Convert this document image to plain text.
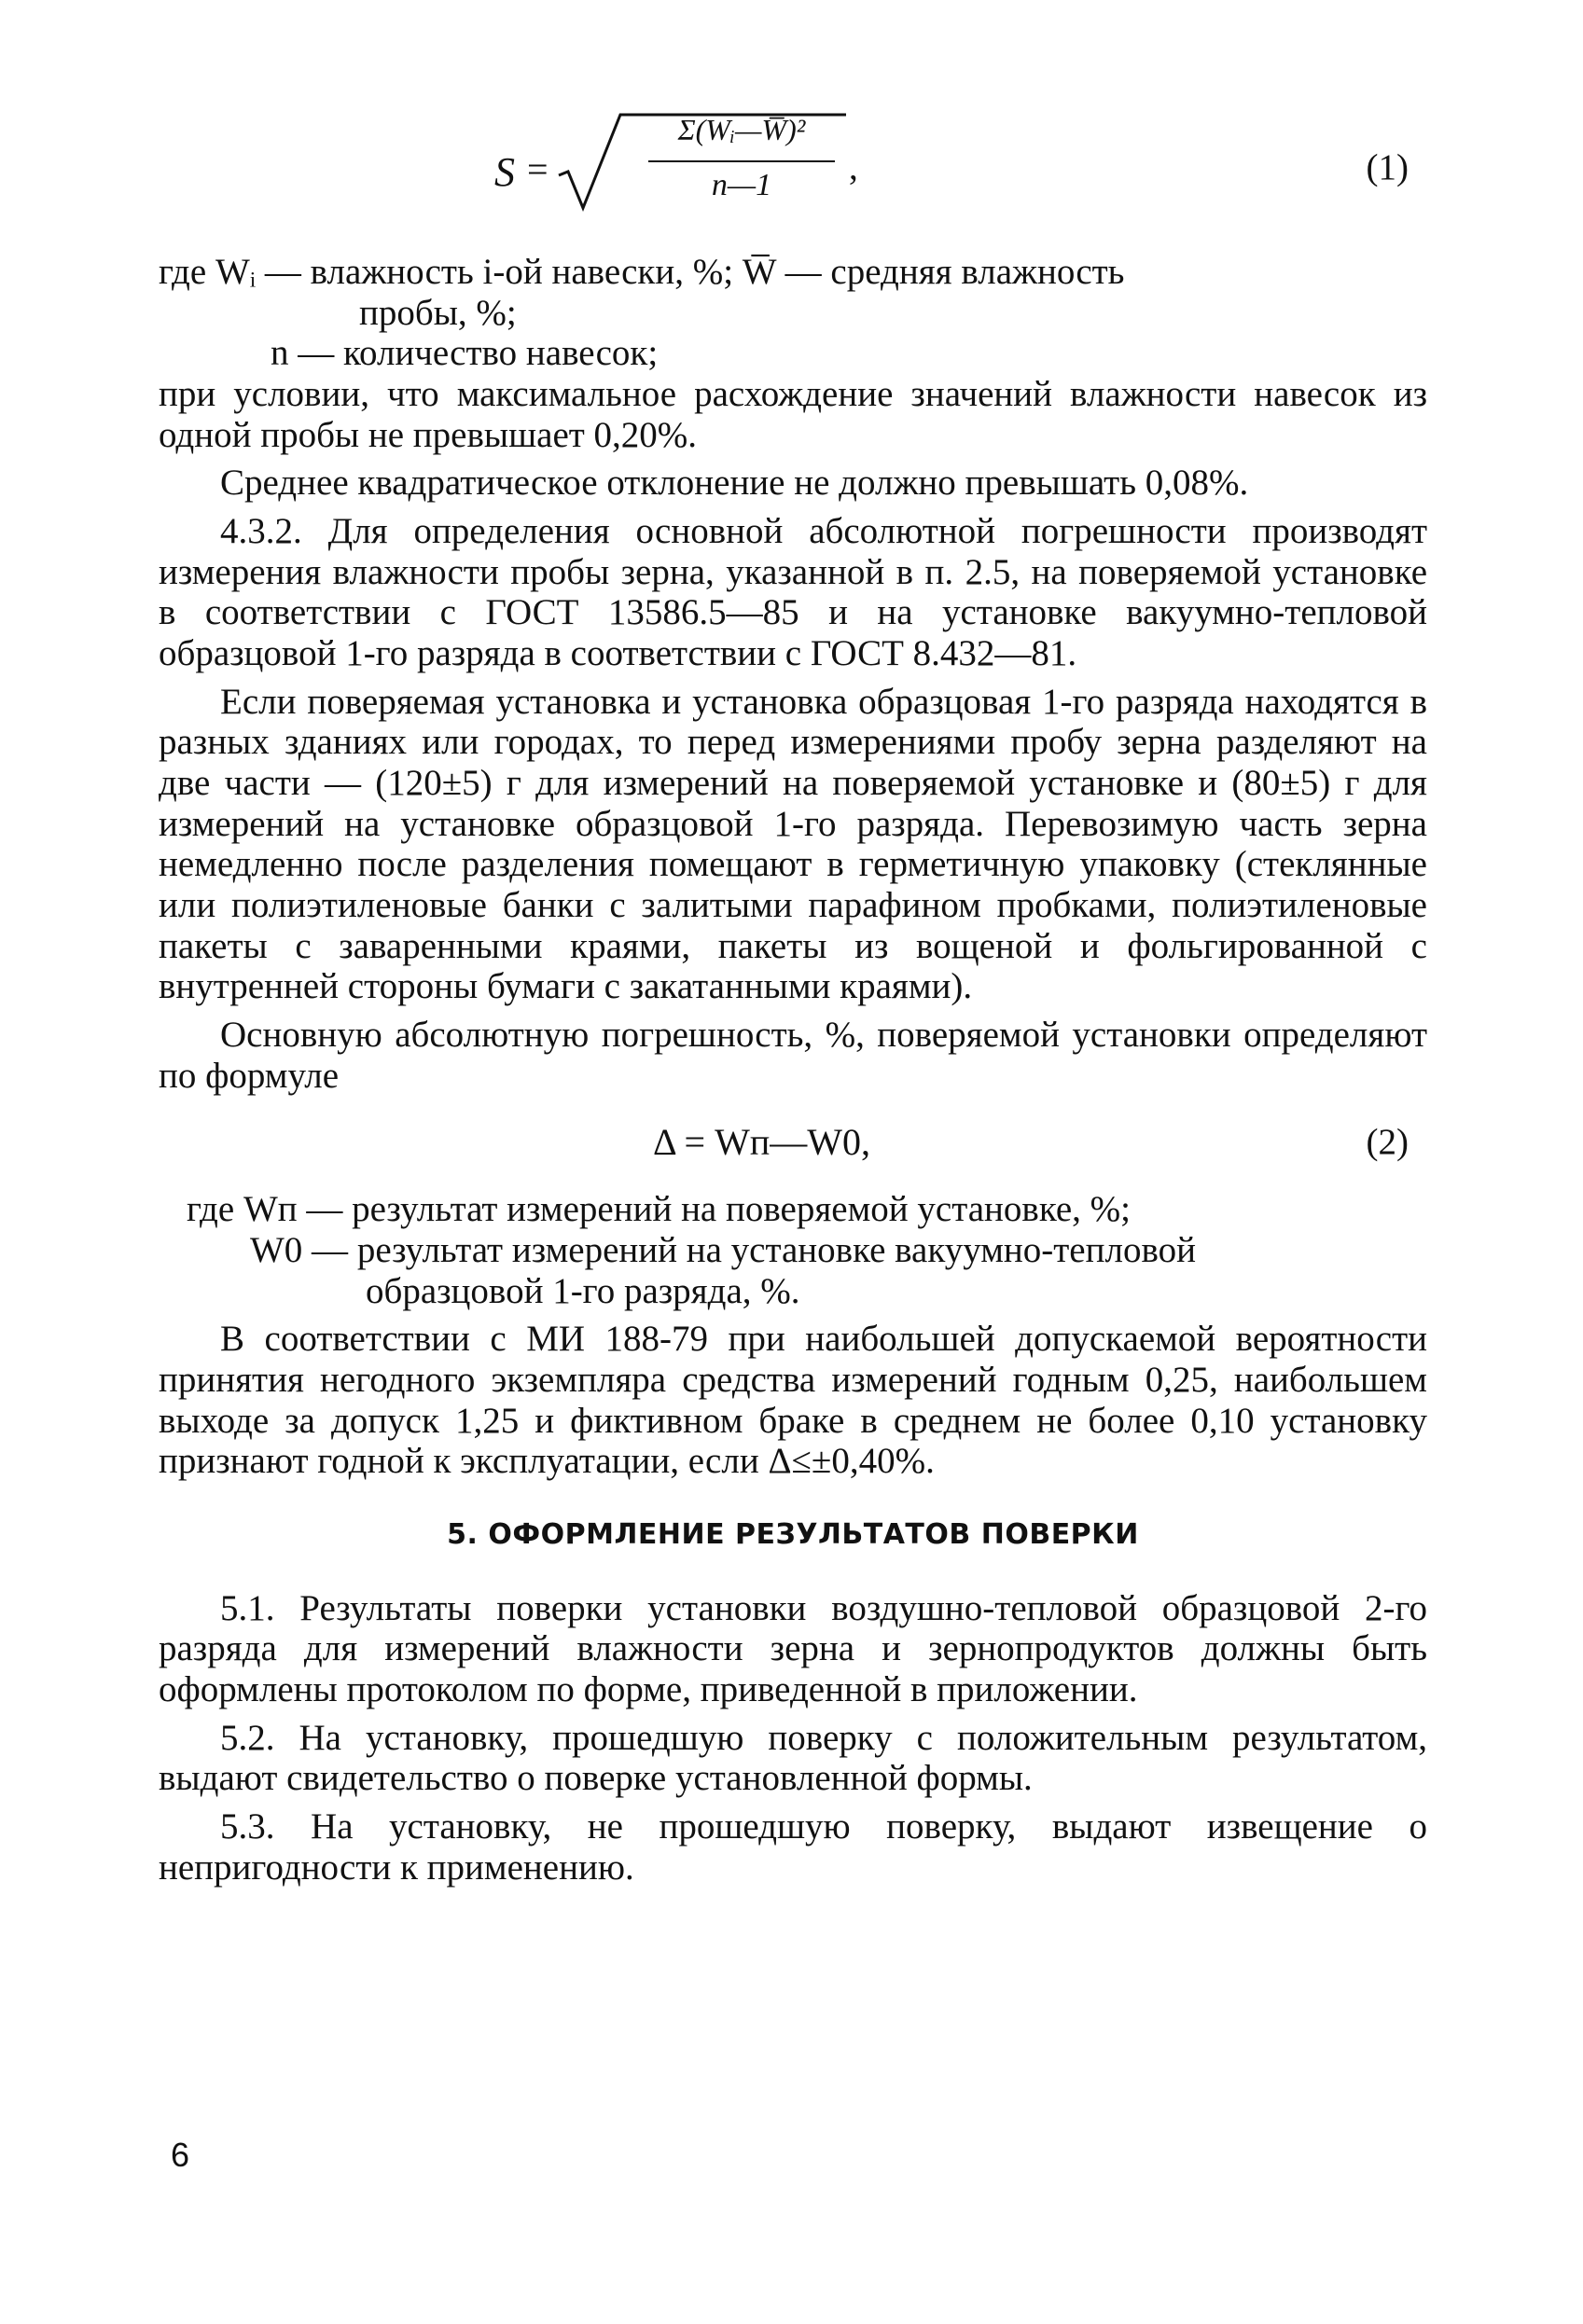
S =
Σ(Wᵢ—W̅)²
n—1	,	(1)

где Wᵢ — влажность i-ой навески, %; W̅ — средняя влажность

пробы, %;

n — количество навесок;

при условии, что максимальное расхождение значений влажности навесок из одной пробы не превышает 0,20%.

Среднее квадратическое отклонение не должно превышать 0,08%.

4.3.2. Для определения основной абсолютной погрешности производят измерения влажности пробы зерна, указанной в п. 2.5, на поверяемой установке в соответствии с ГОСТ 13586.5—85 и на установке вакуумно-тепловой образцовой 1-го разряда в соответствии с ГОСТ 8.432—81.

Если поверяемая установка и установка образцовая 1-го разряда находятся в разных зданиях или городах, то перед измерениями пробу зерна разделяют на две части — (120±5) г для измерений на поверяемой установке и (80±5) г для измерений на установке образцовой 1-го разряда. Перевозимую часть зерна немедленно после разделения помещают в герметичную упаковку (стеклянные или полиэтиленовые банки с залитыми парафином пробками, полиэтиленовые пакеты с заваренными краями, пакеты из вощеной и фольгированной с внутренней стороны бумаги с закатанными краями).

Основную абсолютную погрешность, %, поверяемой установки определяют по формуле

Δ = Wп—W0,	(2)

где Wп — результат измерений на поверяемой установке, %;

W0 — результат измерений на установке вакуумно-тепловой

образцовой 1-го разряда, %.

В соответствии с МИ 188-79 при наибольшей допускаемой вероятности принятия негодного экземпляра средства измерений годным 0,25, наибольшем выходе за допуск 1,25 и фиктивном браке в среднем не более 0,10 установку признают годной к эксплуатации, если Δ≤±0,40%.

5. ОФОРМЛЕНИЕ РЕЗУЛЬТАТОВ ПОВЕРКИ

5.1. Результаты поверки установки воздушно-тепловой образцовой 2-го разряда для измерений влажности зерна и зернопродуктов должны быть оформлены протоколом по форме, приведенной в приложении.

5.2. На установку, прошедшую поверку с положительным результатом, выдают свидетельство о поверке установленной формы.

5.3. На установку, не прошедшую поверку, выдают извещение о непригодности к применению.

6
